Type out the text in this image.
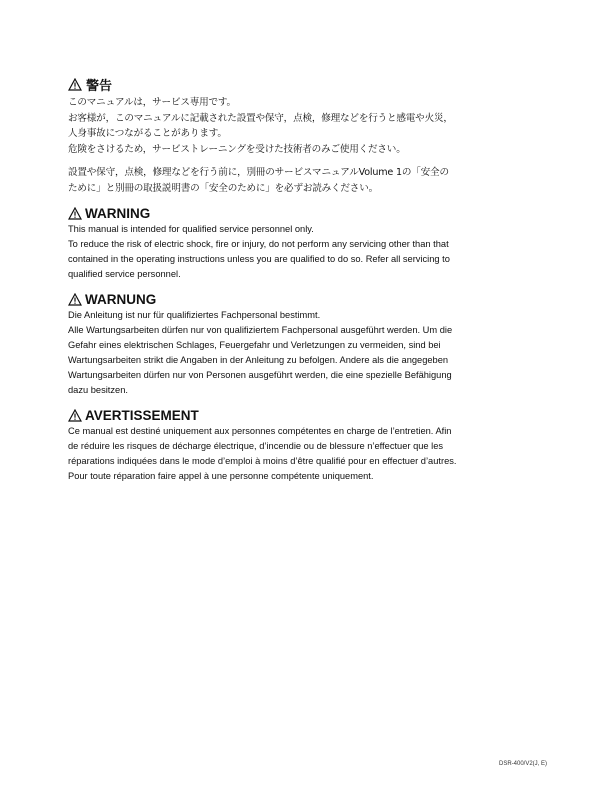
警告
このマニュアルは，サービス専用です。
お客様が，このマニュアルに記載された設置や保守，点検，修理などを行うと感電や火災，
人身事故につながることがあります。
危険をさけるため，サービストレーニングを受けた技術者のみご使用ください。
設置や保守，点検，修理などを行う前に，別冊のサービスマニュアルVolume 1の「安全の
ために」と別冊の取扱説明書の「安全のために」を必ずお読みください。
WARNING
This manual is intended for qualified service personnel only.
To reduce the risk of electric shock, fire or injury, do not perform any servicing other than that
contained in the operating instructions unless you are qualified to do so. Refer all servicing to
qualified service personnel.
WARNUNG
Die Anleitung ist nur für qualifiziertes Fachpersonal bestimmt.
Alle Wartungsarbeiten dürfen nur von qualifiziertem Fachpersonal ausgeführt werden. Um die
Gefahr eines elektrischen Schlages, Feuergefahr und Verletzungen zu vermeiden, sind bei
Wartungsarbeiten strikt die Angaben in der Anleitung zu befolgen. Andere als die angegeben
Wartungsarbeiten dürfen nur von Personen ausgeführt werden, die eine spezielle Befähigung
dazu besitzen.
AVERTISSEMENT
Ce manual est destiné uniquement aux personnes compétentes en charge de l’entretien. Afin
de réduire les risques de décharge électrique, d’incendie ou de blessure n’effectuer que les
réparations indiquées dans le mode d’emploi à moins d’être qualifié pour en effectuer d’autres.
Pour toute réparation faire appel à une personne compétente uniquement.
DSR-400/V2(J, E)
